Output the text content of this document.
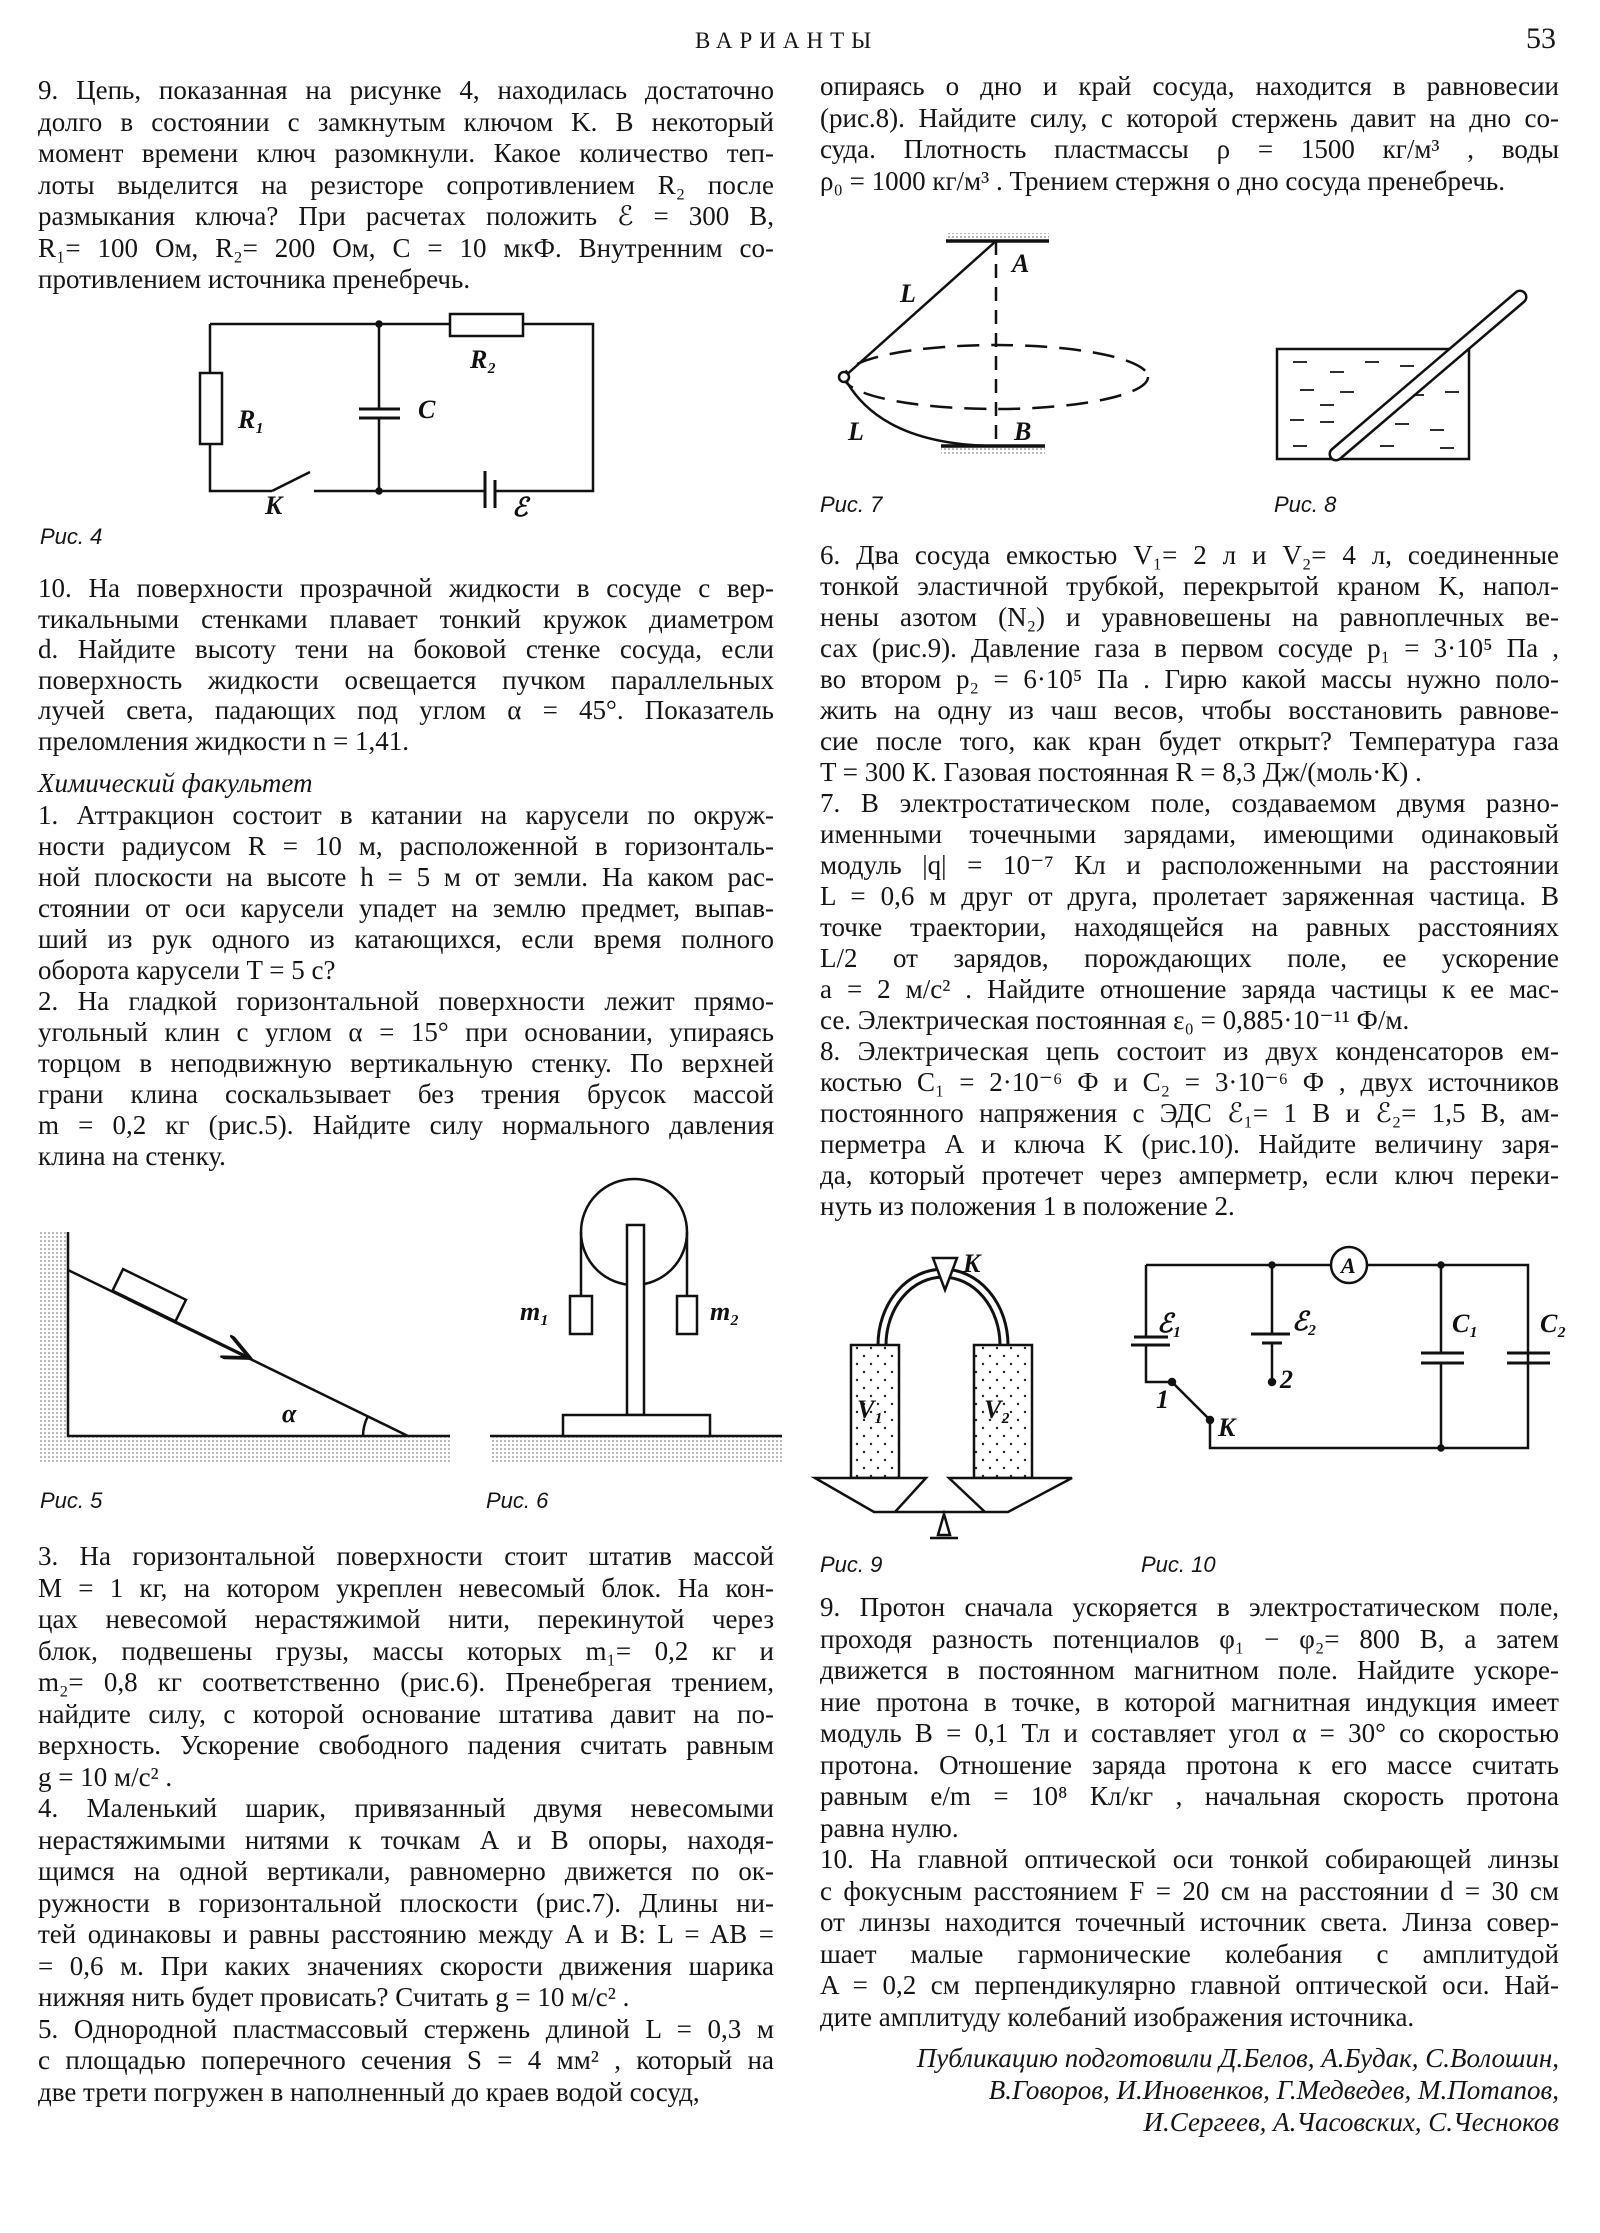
ВАРИАНТЫ	53
9. Цепь, показанная на рисунке 4, находилась достаточно
долго в состоянии с замкнутым ключом K. В некоторый
момент времени ключ разомкнули. Какое количество теп-
лоты выделится на резисторе сопротивлением R₂ после
размыкания ключа? При расчетах положить ℰ = 300 В,
R₁= 100 Ом, R₂= 200 Ом, C = 10 мкФ. Внутренним со-
противлением источника пренебречь.
Рис. 4
10. На поверхности прозрачной жидкости в сосуде с вер-
тикальными стенками плавает тонкий кружок диаметром
d. Найдите высоту тени на боковой стенке сосуда, если
поверхность жидкости освещается пучком параллельных
лучей света, падающих под углом α = 45°. Показатель
преломления жидкости n = 1,41.
Химический факультет
1. Аттракцион состоит в катании на карусели по окруж-
ности радиусом R = 10 м, расположенной в горизонталь-
ной плоскости на высоте h = 5 м от земли. На каком рас-
стоянии от оси карусели упадет на землю предмет, выпав-
ший из рук одного из катающихся, если время полного
оборота карусели T = 5 с?
2. На гладкой горизонтальной поверхности лежит прямо-
угольный клин с углом α = 15° при основании, упираясь
торцом в неподвижную вертикальную стенку. По верхней
грани клина соскальзывает без трения брусок массой
m = 0,2 кг (рис.5). Найдите силу нормального давления
клина на стенку.
Рис. 5	Рис. 6
3. На горизонтальной поверхности стоит штатив массой
M = 1 кг, на котором укреплен невесомый блок. На кон-
цах невесомой нерастяжимой нити, перекинутой через
блок, подвешены грузы, массы которых m₁= 0,2 кг и
m₂= 0,8 кг соответственно (рис.6). Пренебрегая трением,
найдите силу, с которой основание штатива давит на по-
верхность. Ускорение свободного падения считать равным
g = 10 м/с² .
4. Маленький шарик, привязанный двумя невесомыми
нерастяжимыми нитями к точкам A и B опоры, находя-
щимся на одной вертикали, равномерно движется по ок-
ружности в горизонтальной плоскости (рис.7). Длины ни-
тей одинаковы и равны расстоянию между A и B: L = AB =
= 0,6 м. При каких значениях скорости движения шарика
нижняя нить будет провисать? Считать g = 10 м/с² .
5. Однородной пластмассовый стержень длиной L = 0,3 м
с площадью поперечного сечения S = 4 мм² , который на
две трети погружен в наполненный до краев водой сосуд,
опираясь о дно и край сосуда, находится в равновесии
(рис.8). Найдите силу, с которой стержень давит на дно со-
суда. Плотность пластмассы ρ = 1500 кг/м³ , воды
ρ₀ = 1000 кг/м³ . Трением стержня о дно сосуда пренебречь.
Рис. 7	Рис. 8
6. Два сосуда емкостью V₁= 2 л и V₂= 4 л, соединенные
тонкой эластичной трубкой, перекрытой краном K, напол-
нены азотом (N₂) и уравновешены на равноплечных ве-
сах (рис.9). Давление газа в первом сосуде p₁ = 3·10⁵ Па ,
во втором p₂ = 6·10⁵ Па . Гирю какой массы нужно поло-
жить на одну из чаш весов, чтобы восстановить равнове-
сие после того, как кран будет открыт? Температура газа
T = 300 К. Газовая постоянная R = 8,3 Дж/(моль·К) .
7. В электростатическом поле, создаваемом двумя разно-
именными точечными зарядами, имеющими одинаковый
модуль |q| = 10⁻⁷ Кл и расположенными на расстоянии
L = 0,6 м друг от друга, пролетает заряженная частица. В
точке траектории, находящейся на равных расстояниях
L/2 от зарядов, порождающих поле, ее ускорение
a = 2 м/с² . Найдите отношение заряда частицы к ее мас-
се. Электрическая постоянная ε₀ = 0,885·10⁻¹¹ Ф/м.
8. Электрическая цепь состоит из двух конденсаторов ем-
костью C₁ = 2·10⁻⁶ Ф и C₂ = 3·10⁻⁶ Ф , двух источников
постоянного напряжения с ЭДС ℰ₁= 1 В и ℰ₂= 1,5 В, ам-
перметра A и ключа K (рис.10). Найдите величину заря-
да, который протечет через амперметр, если ключ переки-
нуть из положения 1 в положение 2.
Рис. 9	Рис. 10
9. Протон сначала ускоряется в электростатическом поле,
проходя разность потенциалов φ₁ − φ₂= 800 В, а затем
движется в постоянном магнитном поле. Найдите ускоре-
ние протона в точке, в которой магнитная индукция имеет
модуль B = 0,1 Тл и составляет угол α = 30° со скоростью
протона. Отношение заряда протона к его массе считать
равным e/m = 10⁸ Кл/кг , начальная скорость протона
равна нулю.
10. На главной оптической оси тонкой собирающей линзы
с фокусным расстоянием F = 20 см на расстоянии d = 30 см
от линзы находится точечный источник света. Линза совер-
шает малые гармонические колебания с амплитудой
A = 0,2 см перпендикулярно главной оптической оси. Най-
дите амплитуду колебаний изображения источника.
Публикацию подготовили Д.Белов, А.Будак, С.Волошин,
В.Говоров, И.Иновенков, Г.Медведев, М.Потапов,
И.Сергеев, А.Часовских, С.Чесноков
R₂
R₁	C
K	ℰ
α
m₁	m₂
A
L
L	B
K
V₁	V₂
A
ℰ₁	ℰ₂	C₁ C₂
1
2
K
